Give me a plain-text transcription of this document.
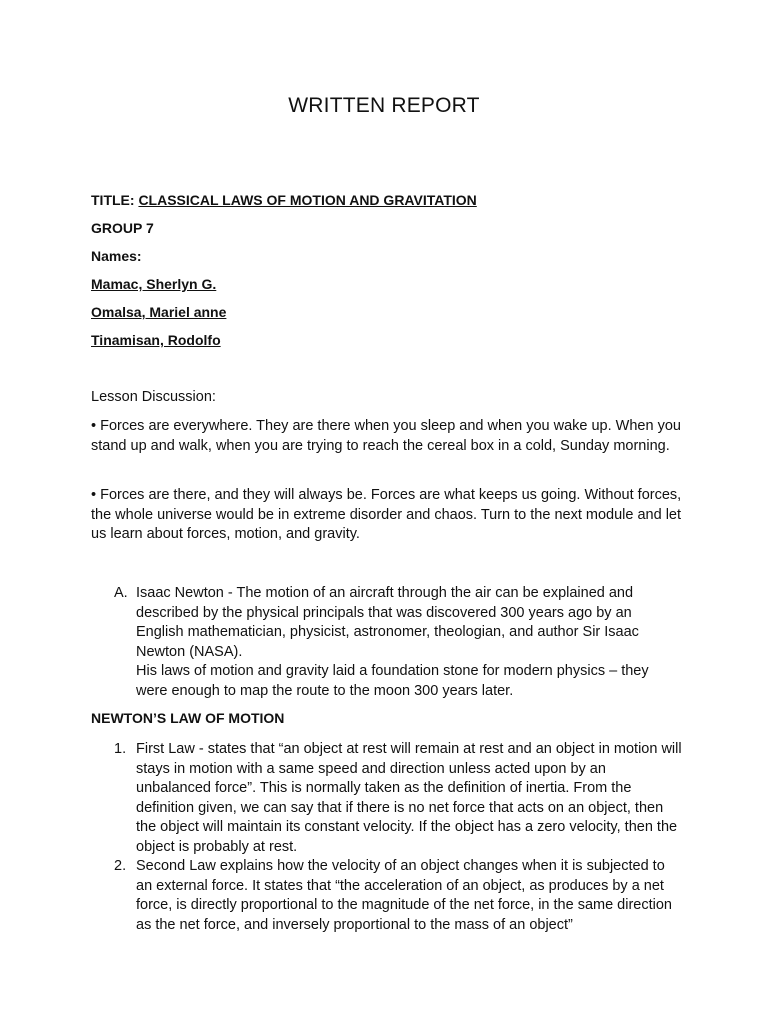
WRITTEN REPORT
TITLE: CLASSICAL LAWS OF MOTION AND GRAVITATION
GROUP 7
Names:
Mamac, Sherlyn G.
Omalsa, Mariel anne
Tinamisan, Rodolfo
Lesson Discussion:
• Forces are everywhere. They are there when you sleep and when you wake up. When you stand up and walk, when you are trying to reach the cereal box in a cold, Sunday morning.
• Forces are there, and they will always be. Forces are what keeps us going. Without forces, the whole universe would be in extreme disorder and chaos. Turn to the next module and let us learn about forces, motion, and gravity.
A. Isaac Newton - The motion of an aircraft through the air can be explained and described by the physical principals that was discovered 300 years ago by an English mathematician, physicist, astronomer, theologian, and author Sir Isaac Newton (NASA).
His laws of motion and gravity laid a foundation stone for modern physics – they were enough to map the route to the moon 300 years later.
NEWTON’S LAW OF MOTION
1. First Law - states that “an object at rest will remain at rest and an object in motion will stays in motion with a same speed and direction unless acted upon by an unbalanced force”. This is normally taken as the definition of inertia. From the definition given, we can say that if there is no net force that acts on an object, then the object will maintain its constant velocity. If the object has a zero velocity, then the object is probably at rest.
2. Second Law explains how the velocity of an object changes when it is subjected to an external force. It states that “the acceleration of an object, as produces by a net force, is directly proportional to the magnitude of the net force, in the same direction as the net force, and inversely proportional to the mass of an object”
